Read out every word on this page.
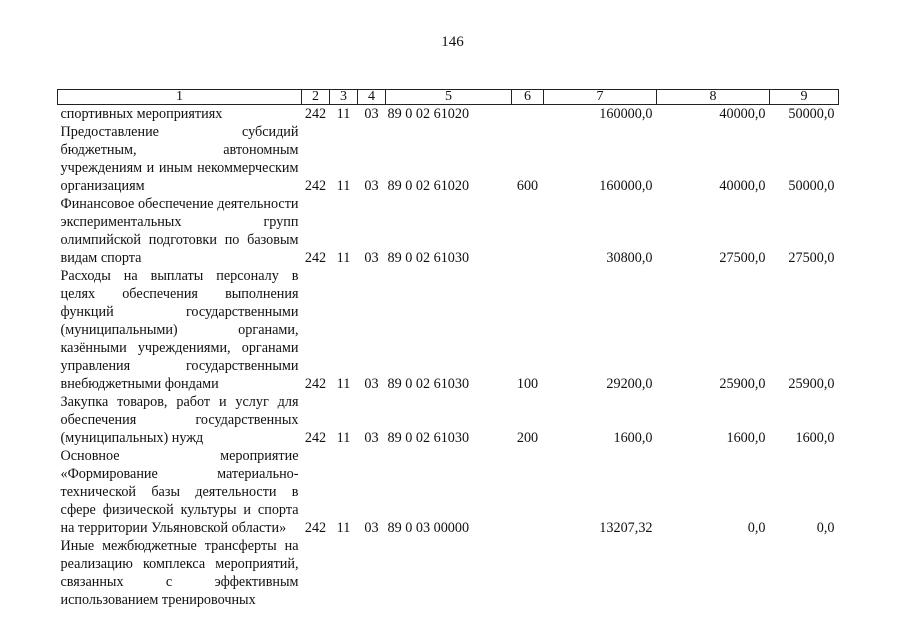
146
1	2	3	4	5	6	7	8	9
спортивных мероприятиях	242	11	03	89 0 02 61020		160000,0	40000,0	50000,0
Предоставление субсидий бюджетным, автономным учреждениям и иным некоммерческим организациям	242	11	03	89 0 02 61020	600	160000,0	40000,0	50000,0
Финансовое обеспечение деятельности экспериментальных групп олимпийской подготовки по базовым видам спорта	242	11	03	89 0 02 61030		30800,0	27500,0	27500,0
Расходы на выплаты персоналу в целях обеспечения выполнения функций государственными (муниципальными) органами, казёнными учреждениями, органами управления государственными внебюджетными фондами	242	11	03	89 0 02 61030	100	29200,0	25900,0	25900,0
Закупка товаров, работ и услуг для обеспечения государственных (муниципальных) нужд	242	11	03	89 0 02 61030	200	1600,0	1600,0	1600,0
Основное мероприятие «Формирование материально-технической базы деятельности в сфере физической культуры и спорта на территории Ульяновской области»	242	11	03	89 0 03 00000		13207,32	0,0	0,0
Иные межбюджетные трансферты на реализацию комплекса мероприятий, связанных с эффективным использованием тренировочных								
